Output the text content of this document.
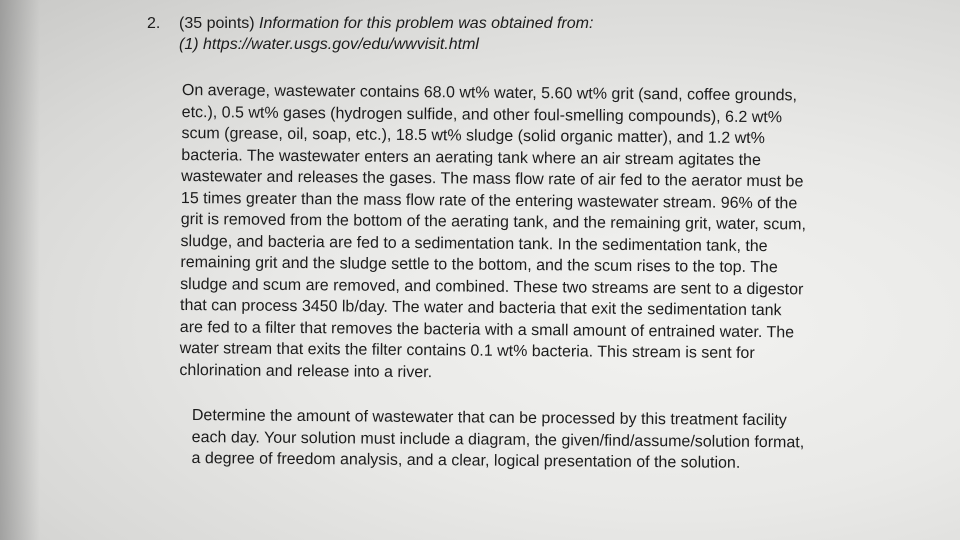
2. (35 points) Information for this problem was obtained from:
(1) https://water.usgs.gov/edu/wwvisit.html
On average, wastewater contains 68.0 wt% water, 5.60 wt% grit (sand, coffee grounds,
etc.), 0.5 wt% gases (hydrogen sulfide, and other foul-smelling compounds), 6.2 wt%
scum (grease, oil, soap, etc.), 18.5 wt% sludge (solid organic matter), and 1.2 wt%
bacteria. The wastewater enters an aerating tank where an air stream agitates the
wastewater and releases the gases. The mass flow rate of air fed to the aerator must be
15 times greater than the mass flow rate of the entering wastewater stream. 96% of the
grit is removed from the bottom of the aerating tank, and the remaining grit, water, scum,
sludge, and bacteria are fed to a sedimentation tank. In the sedimentation tank, the
remaining grit and the sludge settle to the bottom, and the scum rises to the top. The
sludge and scum are removed, and combined. These two streams are sent to a digestor
that can process 3450 lb/day. The water and bacteria that exit the sedimentation tank
are fed to a filter that removes the bacteria with a small amount of entrained water. The
water stream that exits the filter contains 0.1 wt% bacteria. This stream is sent for
chlorination and release into a river.
Determine the amount of wastewater that can be processed by this treatment facility
each day. Your solution must include a diagram, the given/find/assume/solution format,
a degree of freedom analysis, and a clear, logical presentation of the solution.
